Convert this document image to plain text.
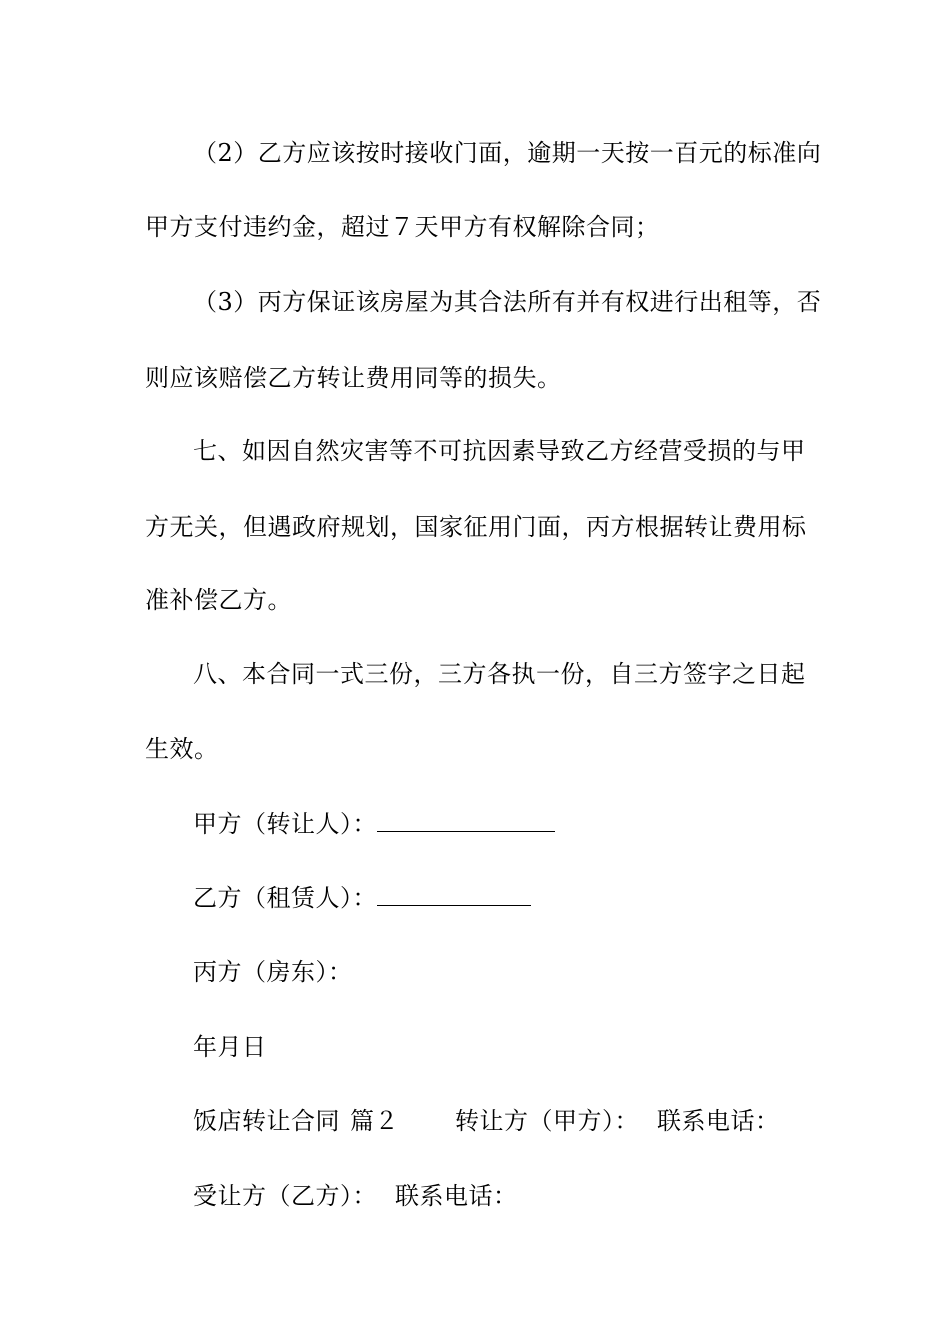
（2）乙方应该按时接收门面，逾期一天按一百元的标准向
甲方支付违约金，超过７天甲方有权解除合同；
（3）丙方保证该房屋为其合法所有并有权进行出租等，否
则应该赔偿乙方转让费用同等的损失。
七、如因自然灾害等不可抗因素导致乙方经营受损的与甲
方无关，但遇政府规划，国家征用门面，丙方根据转让费用标
准补偿乙方。
八、本合同一式三份，三方各执一份，自三方签字之日起
生效。
甲方（转让人）：
乙方（租赁人）：
丙方（房东）：
年月日
饭店转让合同 篇２ 转让方（甲方）： 联系电话：
受让方（乙方）： 联系电话：
